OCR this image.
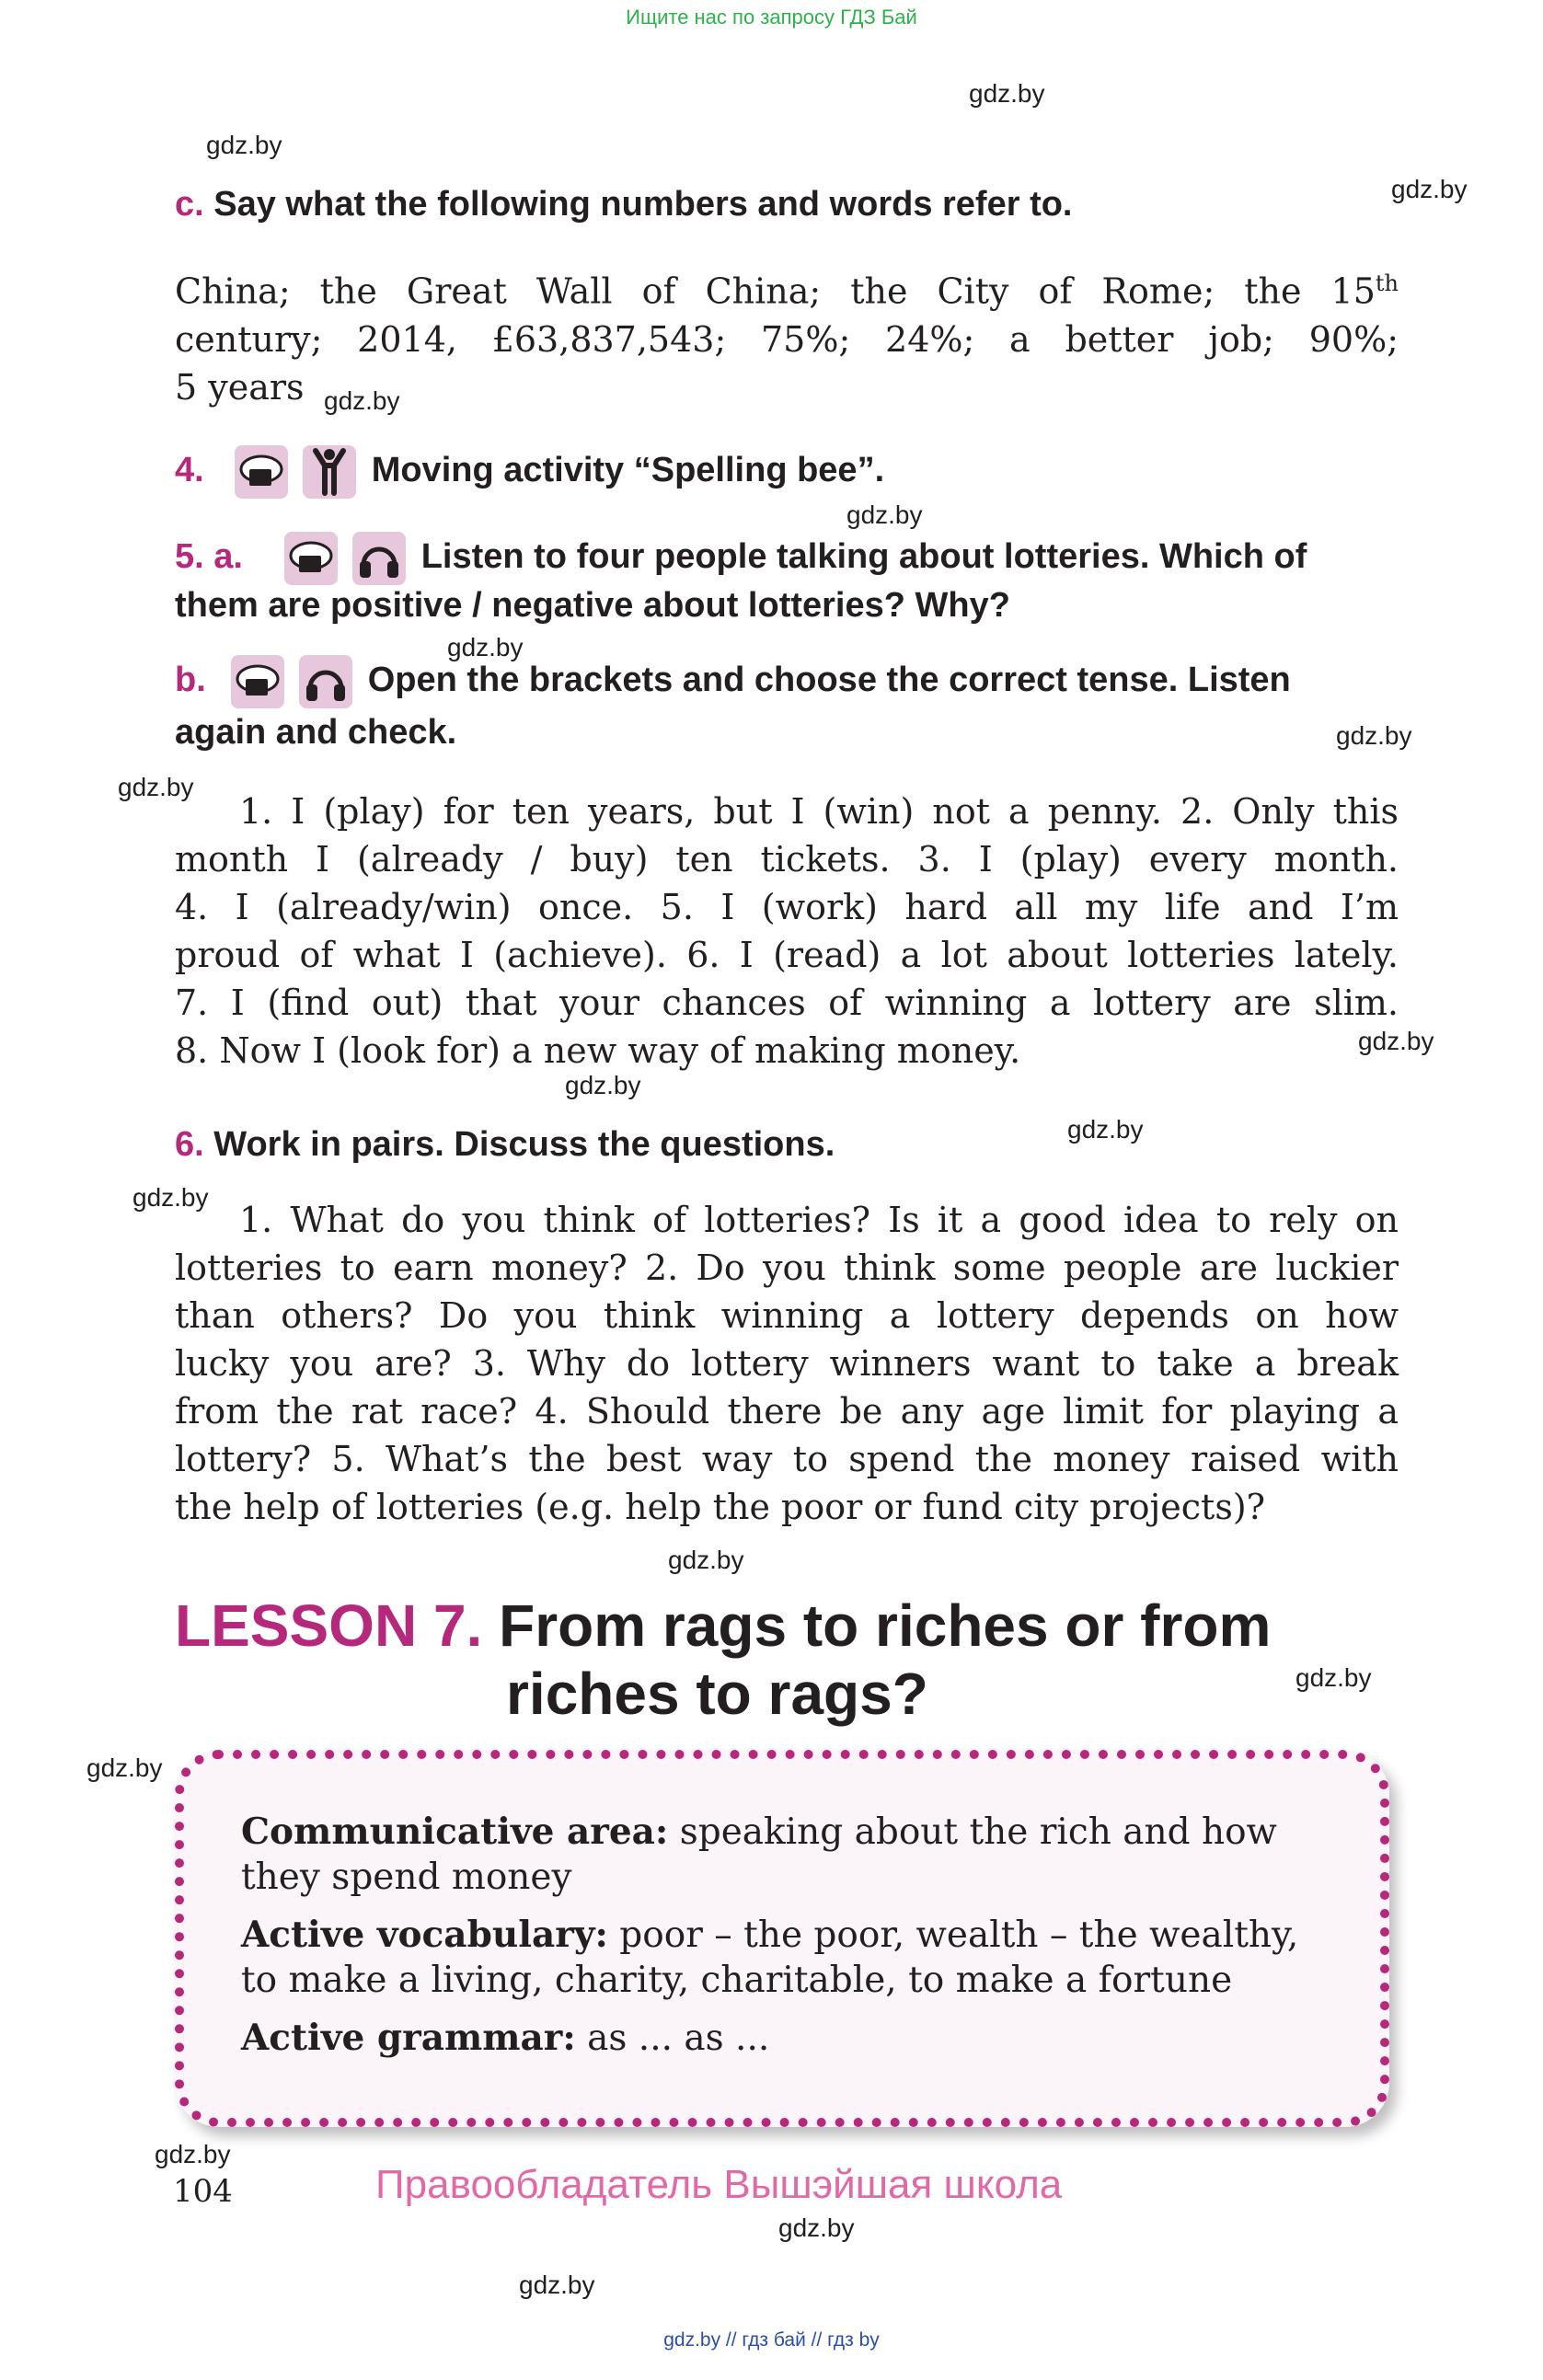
Ищите нас по запросу ГДЗ Бай
gdz.by
gdz.by
gdz.by
gdz.by
gdz.by
gdz.by
gdz.by
gdz.by
gdz.by
gdz.by
gdz.by
gdz.by
gdz.by
gdz.by
gdz.by
gdz.by
gdz.by
gdz.by
c. Say what the following numbers and words refer to.
China; the Great Wall of China; the City of Rome; the 15th
century; 2014, £63,837,543; 75%; 24%; a better job; 90%;
5 years
4.	Moving activity “Spelling bee”.
5. a.	Listen to four people talking about lotteries. Which of
them are positive / negative about lotteries? Why?
b.	Open the brackets and choose the correct tense. Listen
again and check.
1. I (play) for ten years, but I (win) not a penny. 2. Only this
month I (already / buy) ten tickets. 3. I (play) every month.
4. I (already/win) once. 5. I (work) hard all my life and I’m
proud of what I (achieve). 6. I (read) a lot about lotteries lately.
7. I (find out) that your chances of winning a lottery are slim.
8. Now I (look for) a new way of making money.
6. Work in pairs. Discuss the questions.
1. What do you think of lotteries? Is it a good idea to rely on
lotteries to earn money? 2. Do you think some people are luckier
than others? Do you think winning a lottery depends on how
lucky you are? 3. Why do lottery winners want to take a break
from the rat race? 4. Should there be any age limit for playing a
lottery? 5. What’s the best way to spend the money raised with
the help of lotteries (e.g. help the poor or fund city projects)?
LESSON 7. From rags to riches or from
riches to rags?
Communicative area: speaking about the rich and how
they spend money
Active vocabulary: poor – the poor, wealth – the wealthy,
to make a living, charity, charitable, to make a fortune
Active grammar: as ... as ...
104	Правообладатель Вышэйшая школа
gdz.by // гдз бай // гдз by
